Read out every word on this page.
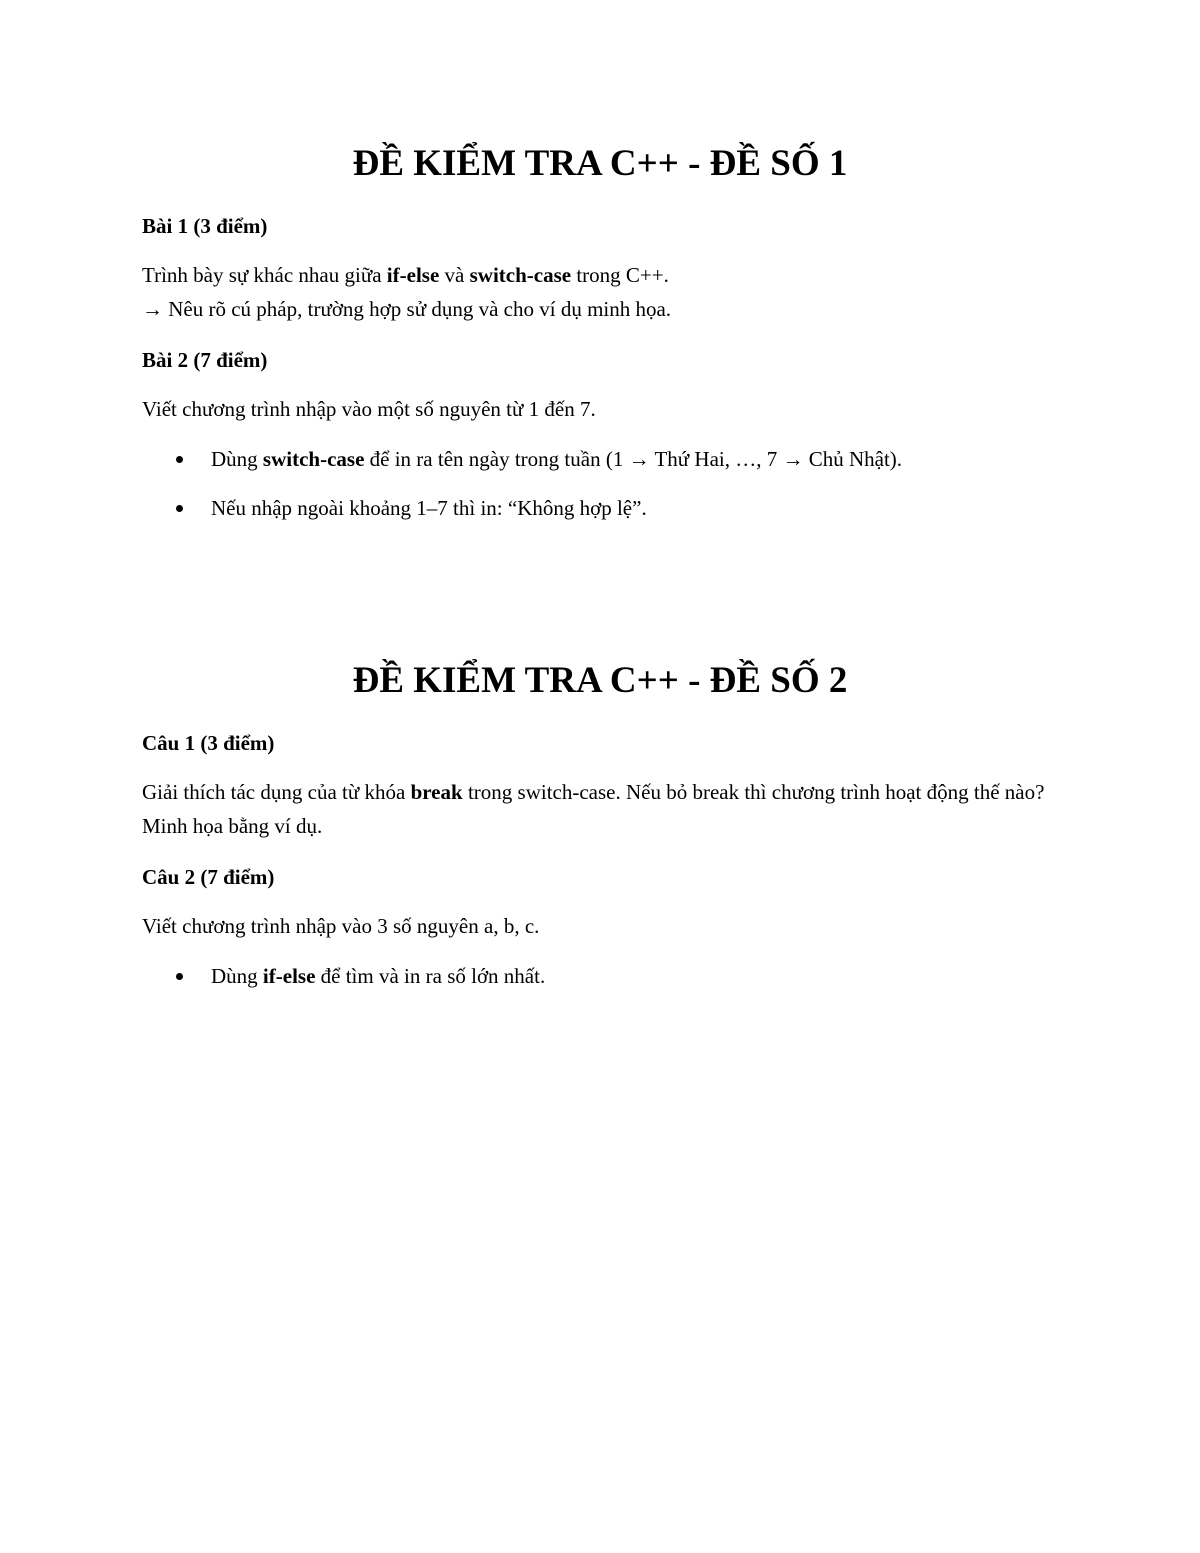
ĐỀ KIỂM TRA C++ - ĐỀ SỐ 1

Bài 1 (3 điểm)

Trình bày sự khác nhau giữa if-else và switch-case trong C++.
→ Nêu rõ cú pháp, trường hợp sử dụng và cho ví dụ minh họa.

Bài 2 (7 điểm)

Viết chương trình nhập vào một số nguyên từ 1 đến 7.

Dùng switch-case để in ra tên ngày trong tuần (1 → Thứ Hai, …, 7 → Chủ Nhật).
Nếu nhập ngoài khoảng 1–7 thì in: “Không hợp lệ”.
ĐỀ KIỂM TRA C++ - ĐỀ SỐ 2

Câu 1 (3 điểm)

Giải thích tác dụng của từ khóa break trong switch-case. Nếu bỏ break thì chương trình hoạt động thế nào? Minh họa bằng ví dụ.

Câu 2 (7 điểm)

Viết chương trình nhập vào 3 số nguyên a, b, c.

Dùng if-else để tìm và in ra số lớn nhất.
